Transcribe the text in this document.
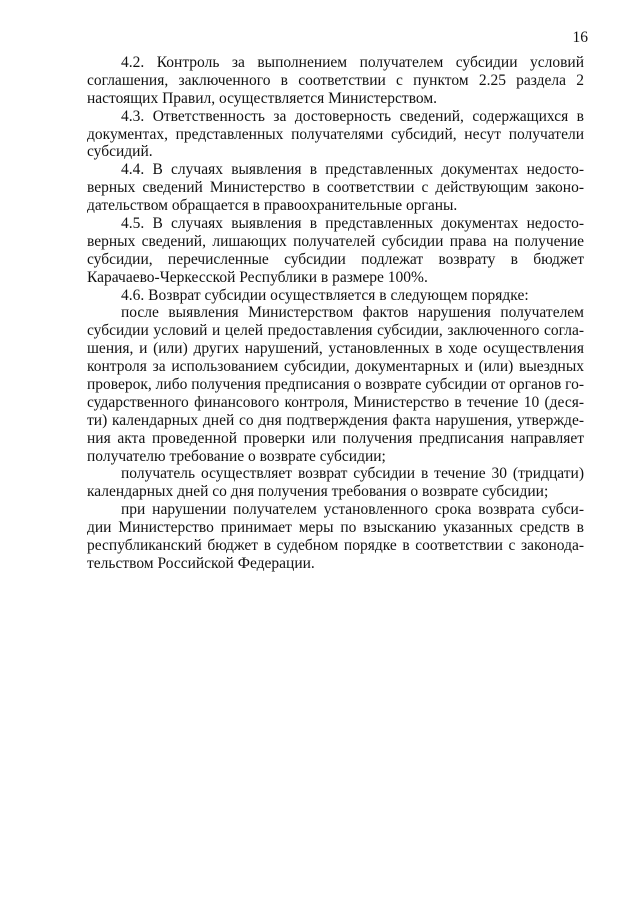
16

4.2. Контроль за выполнением получателем субсидии условий
соглашения, заключенного в соответствии с пунктом 2.25 раздела 2
настоящих Правил, осуществляется Министерством.

4.3. Ответственность за достоверность сведений, содержащихся в
документах, представленных получателями субсидий, несут получатели
субсидий.

4.4. В случаях выявления в представленных документах недосто-
верных сведений Министерство в соответствии с действующим законо-
дательством обращается в правоохранительные органы.

4.5. В случаях выявления в представленных документах недосто-
верных сведений, лишающих получателей субсидии права на получение
субсидии, перечисленные субсидии подлежат возврату в бюджет
Карачаево-Черкесской Республики в размере 100%.

4.6. Возврат субсидии осуществляется в следующем порядке:

после выявления Министерством фактов нарушения получателем
субсидии условий и целей предоставления субсидии, заключенного согла-
шения, и (или) других нарушений, установленных в ходе осуществления
контроля за использованием субсидии, документарных и (или) выездных
проверок, либо получения предписания о возврате субсидии от органов го-
сударственного финансового контроля, Министерство в течение 10 (деся-
ти) календарных дней со дня подтверждения факта нарушения, утвержде-
ния акта проведенной проверки или получения предписания направляет
получателю требование о возврате субсидии;

получатель осуществляет возврат субсидии в течение 30 (тридцати)
календарных дней со дня получения требования о возврате субсидии;

при нарушении получателем установленного срока возврата субси-
дии Министерство принимает меры по взысканию указанных средств в
республиканский бюджет в судебном порядке в соответствии с законода-
тельством Российской Федерации.
